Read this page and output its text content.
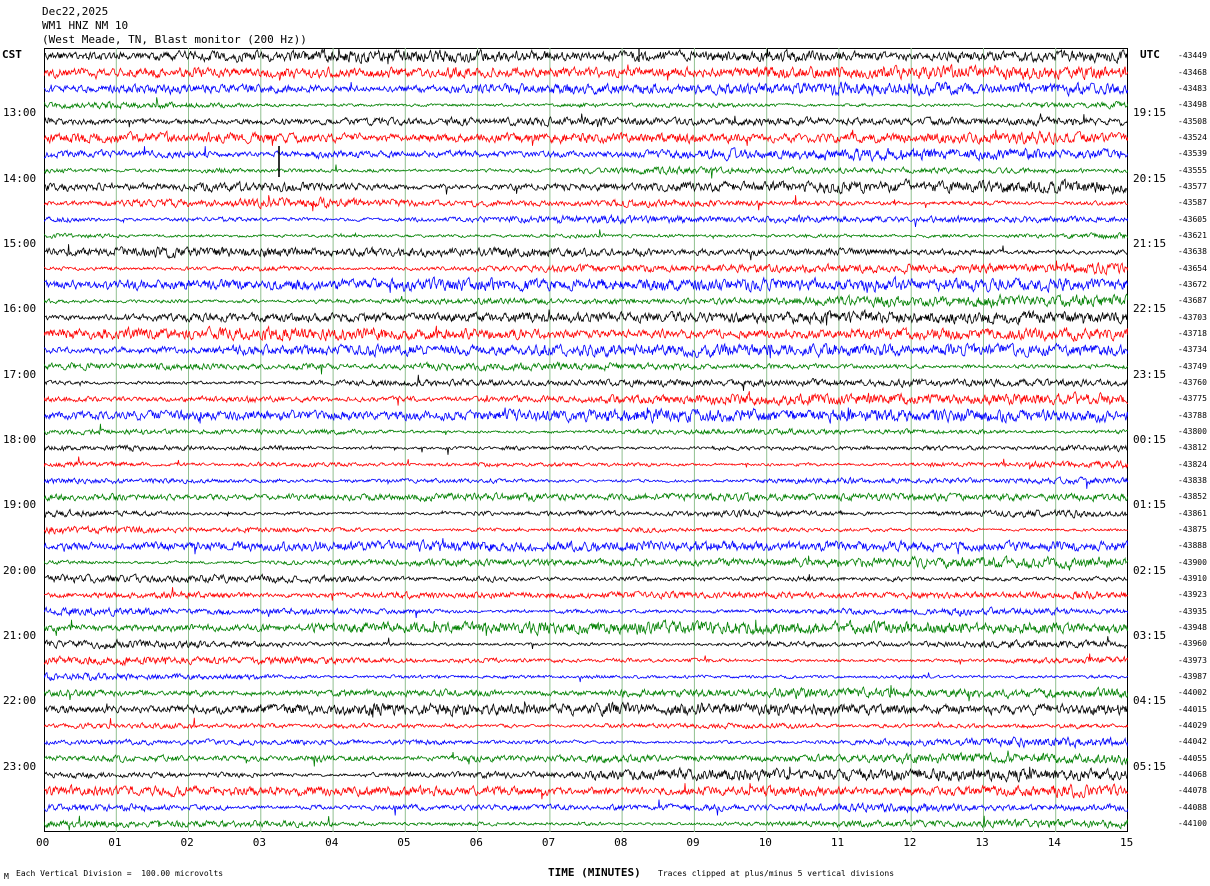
Dec22,2025
WM1 HNZ NM 10
(West Meade, TN, Blast monitor (200 Hz))
CST	UTC
13:00
14:00
15:00
16:00
17:00
18:00
19:00
20:00
21:00
22:00
23:00
19:15
20:15
21:15
22:15
23:15
00:15
01:15
02:15
03:15
04:15
05:15
-43449
-43468
-43483
-43498
-43508
-43524
-43539
-43555
-43577
-43587
-43605
-43621
-43638
-43654
-43672
-43687
-43703
-43718
-43734
-43749
-43760
-43775
-43788
-43800
-43812
-43824
-43838
-43852
-43861
-43875
-43888
-43900
-43910
-43923
-43935
-43948
-43960
-43973
-43987
-44002
-44015
-44029
-44042
-44055
-44068
-44078
-44088
-44100
00	01	02	03	04	05	06	07	08	09	10	11	12	13	14	15
TIME (MINUTES)
M Each Vertical Division =  100.00 microvolts	Traces clipped at plus/minus 5 vertical divisions
